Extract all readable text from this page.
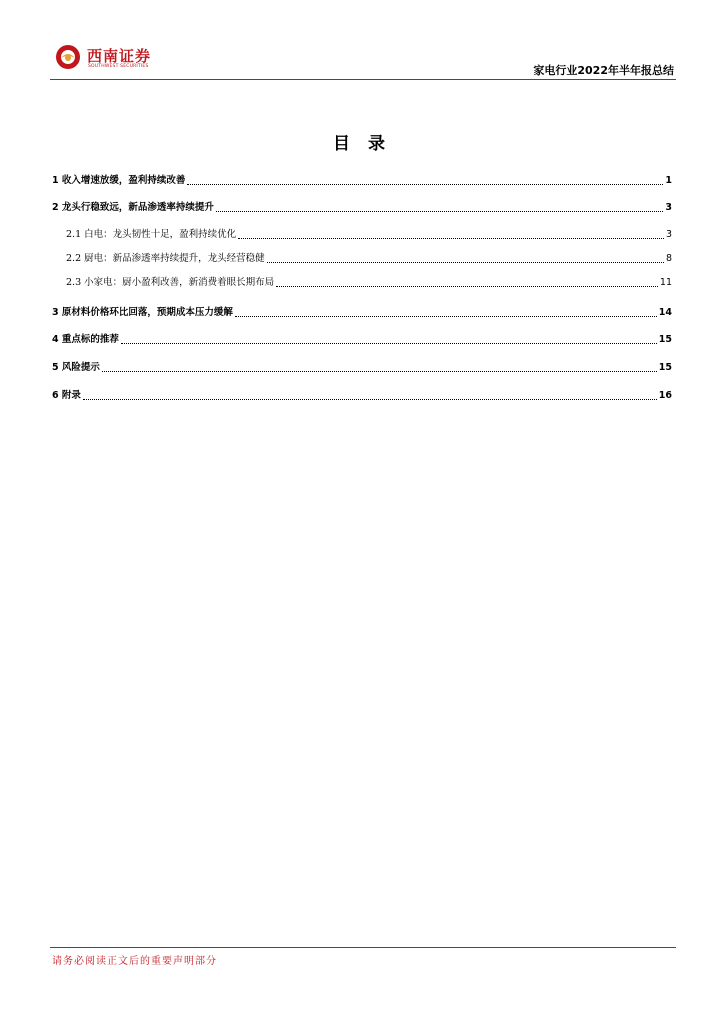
西南证券
SOUTHWEST SECURITIES	家电行业2022年半年报总结
目 录
1 收入增速放缓，盈利持续改善	1
2 龙头行稳致远，新品渗透率持续提升	3
2.1 白电：龙头韧性十足，盈利持续优化	3
2.2 厨电：新品渗透率持续提升，龙头经营稳健	8
2.3 小家电：厨小盈利改善，新消费着眼长期布局	11
3 原材料价格环比回落，预期成本压力缓解	14
4 重点标的推荐	15
5 风险提示	15
6 附录	16
请务必阅读正文后的重要声明部分
